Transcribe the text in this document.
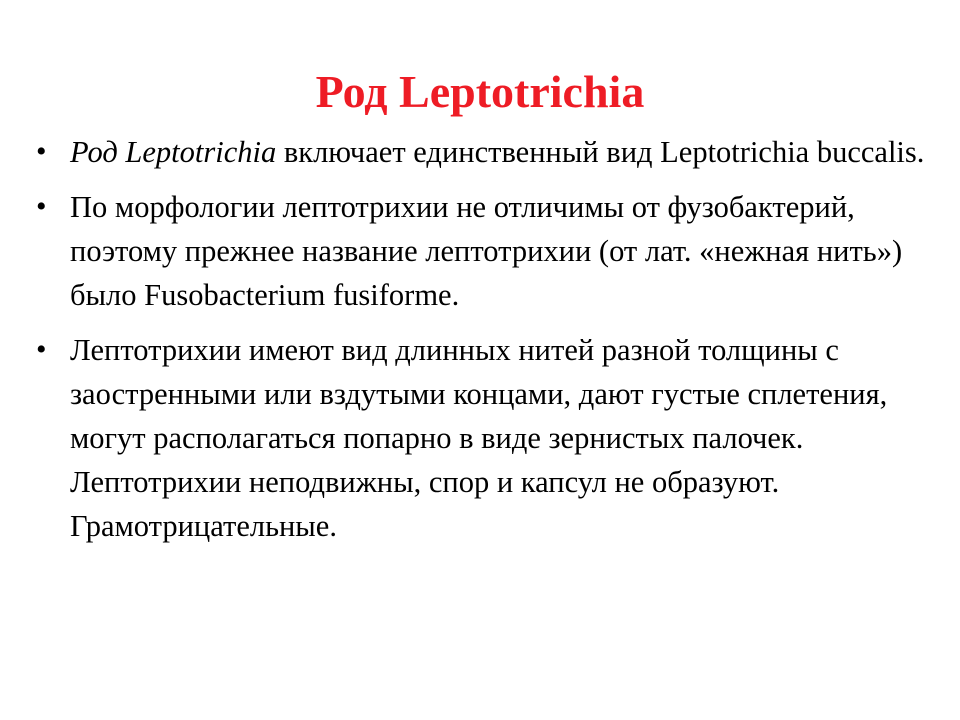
Род Leptotrichia
• Род Leptotrichia включает единственный вид Leptotrichia buccalis.
• По морфологии лептотрихии не отличимы от фузобактерий, поэтому прежнее название лептотрихии (от лат. «нежная нить») было Fusobacterium fusiforme.
• Лептотрихии имеют вид длинных нитей разной толщины с заостренными или вздутыми концами, дают густые сплетения, могут располагаться попарно в виде зернистых палочек. Лептотрихии неподвижны, спор и капсул не образуют. Грамотрицательные.
